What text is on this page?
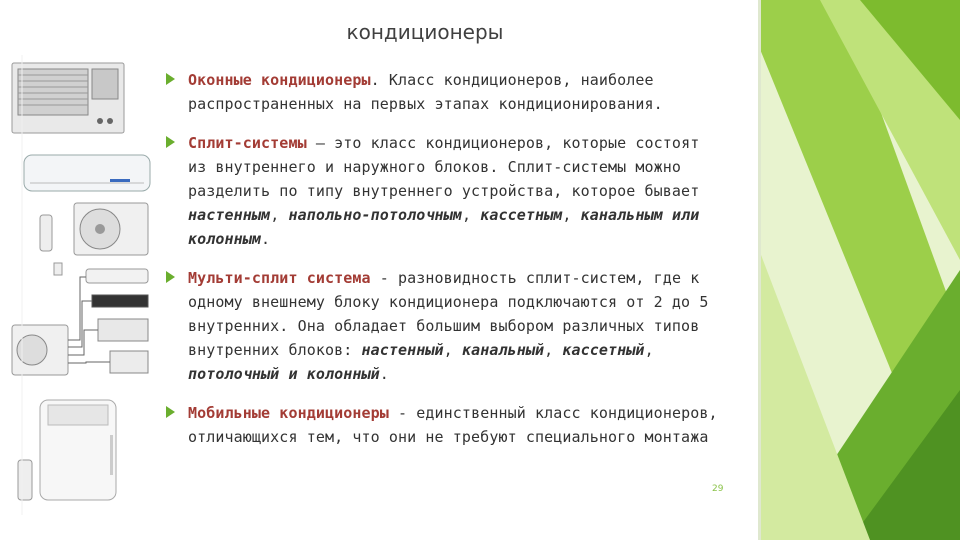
кондиционеры
Оконные кондиционеры. Класс кондиционеров, наиболее распространенных на первых этапах кондиционирования.
Сплит-системы – это класс кондиционеров, которые состоят из внутреннего и наружного блоков. Сплит-системы можно разделить по типу внутреннего устройства, которое бывает настенным, напольно-потолочным, кассетным, канальным или колонным.
Мульти-сплит система - разновидность сплит-систем, где к одному внешнему блоку кондиционера подключаются от 2 до 5 внутренних. Она обладает большим выбором различных типов внутренних блоков: настенный, канальный, кассетный, потолочный и колонный.
Мобильные кондиционеры - единственный класс кондиционеров, отличающихся тем, что они не требуют специального монтажа
29
